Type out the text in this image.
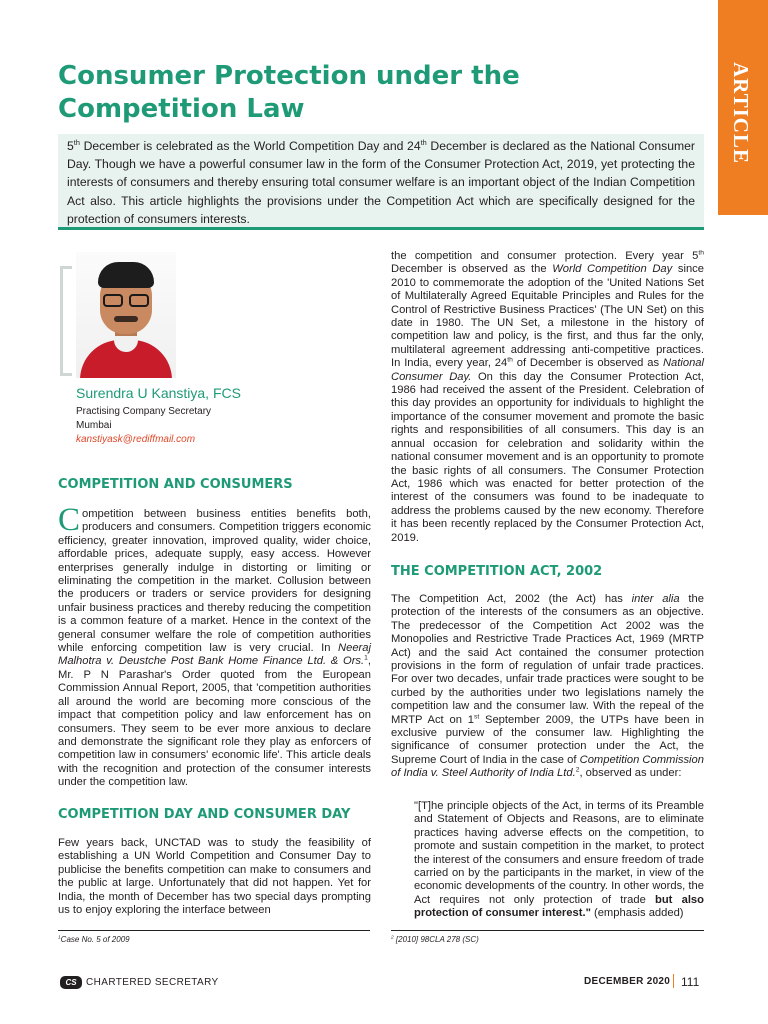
ARTICLE
Consumer Protection under the Competition Law
5th December is celebrated as the World Competition Day and 24th December is declared as the National Consumer Day. Though we have a powerful consumer law in the form of the Consumer Protection Act, 2019, yet protecting the interests of consumers and thereby ensuring total consumer welfare is an important object of the Indian Competition Act also. This article highlights the provisions under the Competition Act which are specifically designed for the protection of consumers interests.
Surendra U Kanstiya, FCS
Practising Company Secretary
Mumbai
kanstiyask@rediffmail.com
COMPETITION AND CONSUMERS
Competition between business entities benefits both, producers and consumers. Competition triggers economic efficiency, greater innovation, improved quality, wider choice, affordable prices, adequate supply, easy access. However enterprises generally indulge in distorting or limiting or eliminating the competition in the market. Collusion between the producers or traders or service providers for designing unfair business practices and thereby reducing the competition is a common feature of a market. Hence in the context of the general consumer welfare the role of competition authorities while enforcing competition law is very crucial. In Neeraj Malhotra v. Deustche Post Bank Home Finance Ltd. & Ors.$^1$, Mr. P N Parashar's Order quoted from the European Commission Annual Report, 2005, that 'competition authorities all around the world are becoming more conscious of the impact that competition policy and law enforcement has on consumers. They seem to be ever more anxious to declare and demonstrate the significant role they play as enforcers of competition law in consumers' economic life'. This article deals with the recognition and protection of the consumer interests under the competition law.
COMPETITION DAY AND CONSUMER DAY
Few years back, UNCTAD was to study the feasibility of establishing a UN World Competition and Consumer Day to publicise the benefits competition can make to consumers and the public at large. Unfortunately that did not happen. Yet for India, the month of December has two special days prompting us to enjoy exploring the interface between
the competition and consumer protection. Every year 5th December is observed as the World Competition Day since 2010 to commemorate the adoption of the 'United Nations Set of Multilaterally Agreed Equitable Principles and Rules for the Control of Restrictive Business Practices' (The UN Set) on this date in 1980. The UN Set, a milestone in the history of competition law and policy, is the first, and thus far the only, multilateral agreement addressing anti-competitive practices. In India, every year, 24th of December is observed as National Consumer Day. On this day the Consumer Protection Act, 1986 had received the assent of the President. Celebration of this day provides an opportunity for individuals to highlight the importance of the consumer movement and promote the basic rights and responsibilities of all consumers. This day is an annual occasion for celebration and solidarity within the national consumer movement and is an opportunity to promote the basic rights of all consumers. The Consumer Protection Act, 1986 which was enacted for better protection of the interest of the consumers was found to be inadequate to address the problems caused by the new economy. Therefore it has been recently replaced by the Consumer Protection Act, 2019.
THE COMPETITION ACT, 2002
The Competition Act, 2002 (the Act) has inter alia the protection of the interests of the consumers as an objective. The predecessor of the Competition Act 2002 was the Monopolies and Restrictive Trade Practices Act, 1969 (MRTP Act) and the said Act contained the consumer protection provisions in the form of regulation of unfair trade practices. For over two decades, unfair trade practices were sought to be curbed by the authorities under two legislations namely the competition law and the consumer law. With the repeal of the MRTP Act on 1st September 2009, the UTPs have been in exclusive purview of the consumer law. Highlighting the significance of consumer protection under the Act, the Supreme Court of India in the case of Competition Commission of India v. Steel Authority of India Ltd.$^2$, observed as under:
"[T]he principle objects of the Act, in terms of its Preamble and Statement of Objects and Reasons, are to eliminate practices having adverse effects on the competition, to promote and sustain competition in the market, to protect the interest of the consumers and ensure freedom of trade carried on by the participants in the market, in view of the economic developments of the country. In other words, the Act requires not only protection of trade but also protection of consumer interest." (emphasis added)
$^1$Case No. 5 of 2009	$^2$ [2010] 98CLA 278 (SC)
CS CHARTERED SECRETARY	DECEMBER 2020 111
